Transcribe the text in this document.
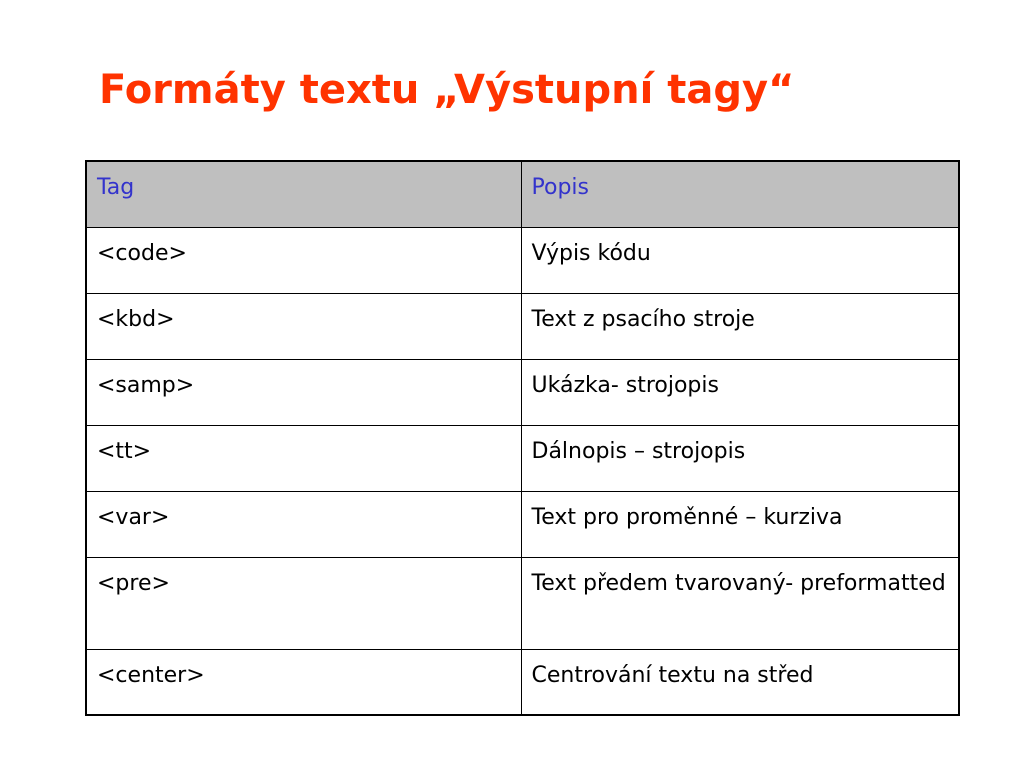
Formáty textu „Výstupní tagy“
Tag	Popis
<code>	Výpis kódu
<kbd>	Text z psacího stroje
<samp>	Ukázka- strojopis
<tt>	Dálnopis – strojopis
<var>	Text pro proměnné – kurziva
<pre>	Text předem tvarovaný- preformatted
<center>	Centrování textu na střed
